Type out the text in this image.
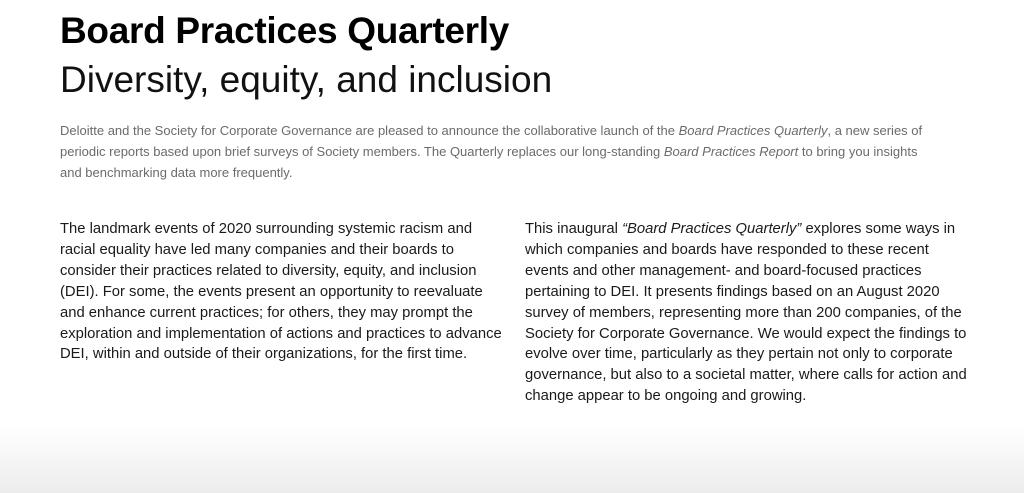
Board Practices Quarterly
Diversity, equity, and inclusion

Deloitte and the Society for Corporate Governance are pleased to announce the collaborative launch of the Board Practices Quarterly, a new series of periodic reports based upon brief surveys of Society members. The Quarterly replaces our long-standing Board Practices Report to bring you insights and benchmarking data more frequently.

The landmark events of 2020 surrounding systemic racism and racial equality have led many companies and their boards to consider their practices related to diversity, equity, and inclusion (DEI). For some, the events present an opportunity to reevaluate and enhance current practices; for others, they may prompt the exploration and implementation of actions and practices to advance DEI, within and outside of their organizations, for the first time.

This inaugural “Board Practices Quarterly” explores some ways in which companies and boards have responded to these recent events and other management- and board-focused practices pertaining to DEI. It presents findings based on an August 2020 survey of members, representing more than 200 companies, of the Society for Corporate Governance. We would expect the findings to evolve over time, particularly as they pertain not only to corporate governance, but also to a societal matter, where calls for action and change appear to be ongoing and growing.
